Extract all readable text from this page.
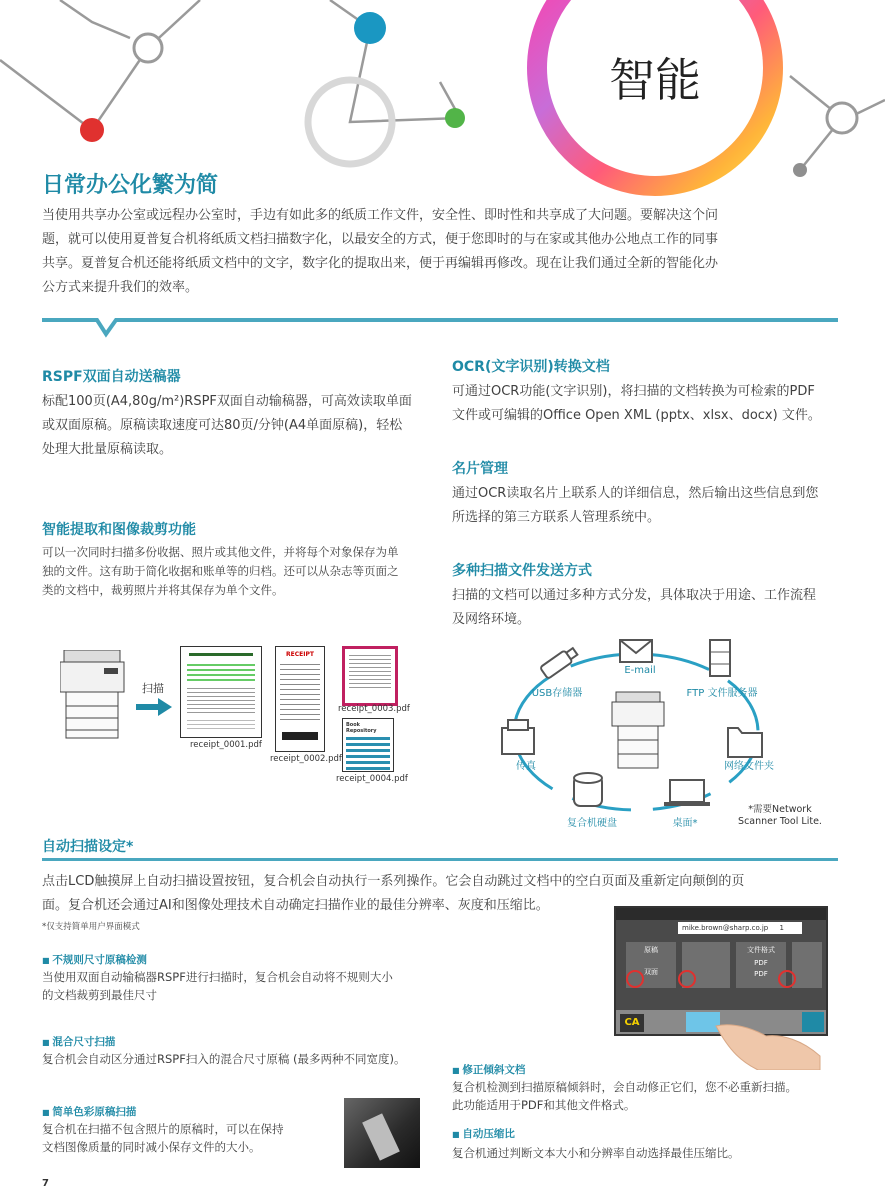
智能
日常办公化繁为简
当使用共享办公室或远程办公室时，手边有如此多的纸质工作文件，安全性、即时性和共享成了大问题。要解决这个问
题，就可以使用夏普复合机将纸质文档扫描数字化，以最安全的方式，便于您即时的与在家或其他办公地点工作的同事
共享。夏普复合机还能将纸质文档中的文字，数字化的提取出来，便于再编辑再修改。现在让我们通过全新的智能化办
公方式来提升我们的效率。
RSPF双面自动送稿器
标配100页(A4,80g/m²)RSPF双面自动输稿器，可高效读取单面
或双面原稿。原稿读取速度可达80页/分钟(A4单面原稿)，轻松
处理大批量原稿读取。
智能提取和图像裁剪功能
可以一次同时扫描多份收据、照片或其他文件，并将每个对象保存为单
独的文件。这有助于简化收据和账单等的归档。还可以从杂志等页面之
类的文档中，裁剪照片并将其保存为单个文件。
OCR(文字识别)转换文档
可通过OCR功能(文字识别)，将扫描的文档转换为可检索的PDF
文件或可编辑的Office Open XML (pptx、xlsx、docx) 文件。
名片管理
通过OCR读取名片上联系人的详细信息，然后输出这些信息到您
所选择的第三方联系人管理系统中。
多种扫描文件发送方式
扫描的文档可以通过多种方式分发，具体取决于用途、工作流程
及网络环境。
扫描
receipt_0001.pdf
RECEIPT
receipt_0002.pdf
receipt_0003.pdf
Book Repository
receipt_0004.pdf
E-mail
USB存储器	FTP 文件服务器
传真	网络文件夹
复合机硬盘	桌面*
*需要Network
Scanner Tool Lite.
自动扫描设定*
点击LCD触摸屏上自动扫描设置按钮，复合机会自动执行一系列操作。它会自动跳过文档中的空白页面及重新定向颠倒的页
面。复合机还会通过AI和图像处理技术自动确定扫描作业的最佳分辨率、灰度和压缩比。
*仅支持简单用户界面模式
■ 不规则尺寸原稿检测
当使用双面自动输稿器RSPF进行扫描时，复合机会自动将不规则大小
的文档裁剪到最佳尺寸
■ 混合尺寸扫描
复合机会自动区分通过RSPF扫入的混合尺寸原稿 (最多两种不同宽度)。
■ 简单色彩原稿扫描
复合机在扫描不包含照片的原稿时，可以在保持
文档图像质量的同时减小保存文件的大小。
■ 修正倾斜文档
复合机检测到扫描原稿倾斜时，会自动修正它们，您不必重新扫描。
此功能适用于PDF和其他文件格式。
■ 自动压缩比
复合机通过判断文本大小和分辨率自动选择最佳压缩比。
mike.brown@sharp.co.jp 1
原稿
双面
文件格式
PDF
PDF
CA
7
